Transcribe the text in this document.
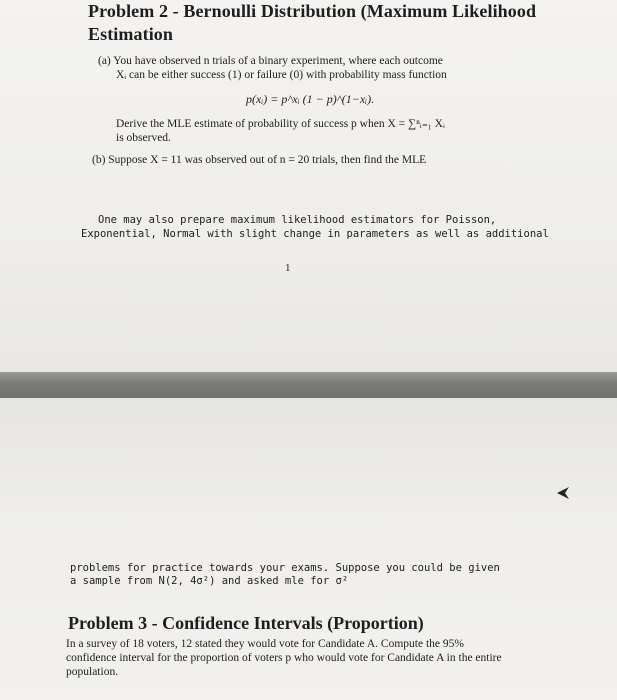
Problem 2 - Bernoulli Distribution (Maximum Likelihood Estimation
(a) You have observed n trials of a binary experiment, where each outcome
Xᵢ can be either success (1) or failure (0) with probability mass function
p(xᵢ) = p^xᵢ (1 − p)^(1−xᵢ).
Derive the MLE estimate of probability of success p when X = ∑ⁿᵢ₌₁ Xᵢ
is observed.
(b) Suppose X = 11 was observed out of n = 20 trials, then find the MLE
One may also prepare maximum likelihood estimators for Poisson,
Exponential, Normal with slight change in parameters as well as additional
1
problems for practice towards your exams. Suppose you could be given
a sample from N(2, 4σ²) and asked mle for σ²
Problem 3 - Confidence Intervals (Proportion)
In a survey of 18 voters, 12 stated they would vote for Candidate A. Compute the 95% confidence interval for the proportion of voters p who would vote for Candidate A in the entire population.
